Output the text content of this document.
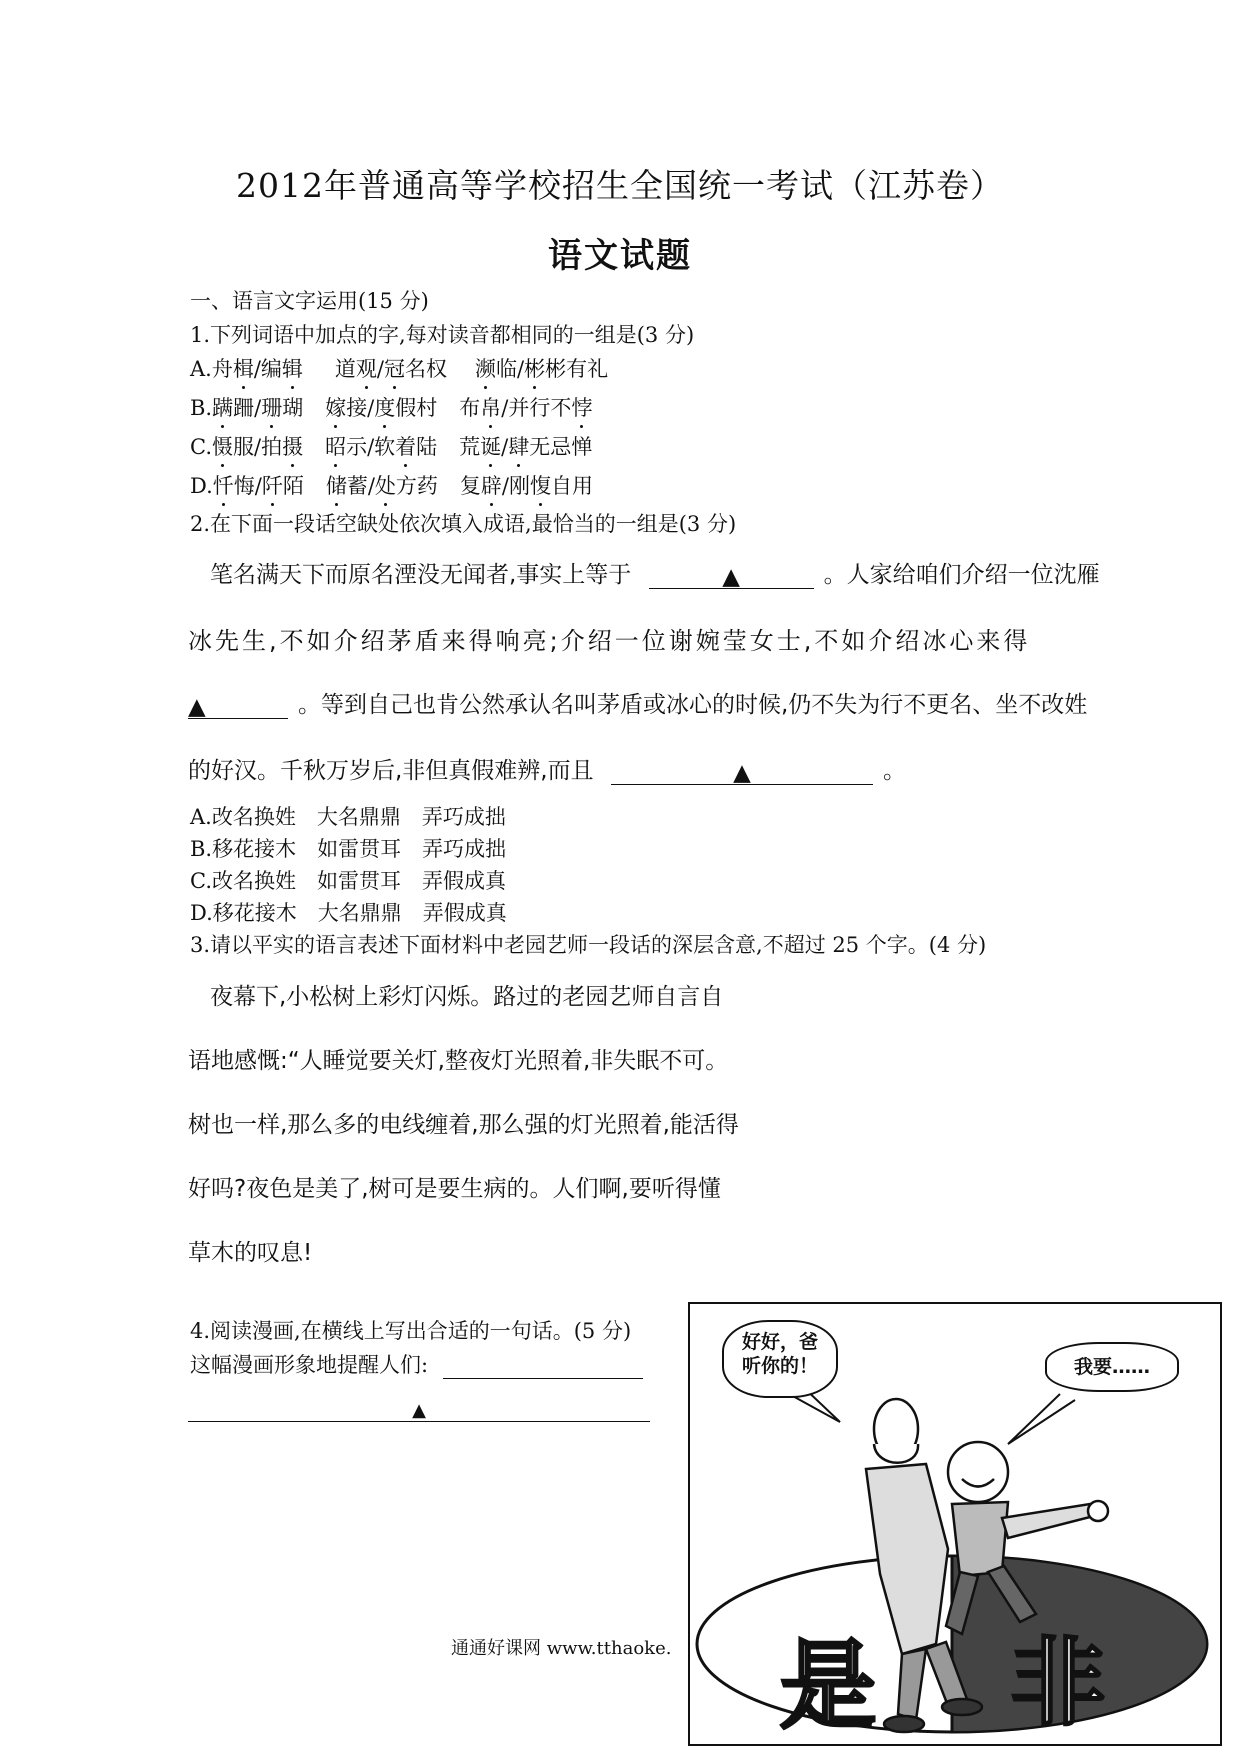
2012年普通高等学校招生全国统一考试（江苏卷）
语文试题
一、语言文字运用(15 分)
1.下列词语中加点的字,每对读音都相同的一组是(3 分)
A.舟楫/编辑 道观/冠名权 濒临/彬彬有礼
B.蹒跚/珊瑚 嫁接/度假村 布帛/并行不悖
C.慑服/拍摄 昭示/软着陆 荒诞/肆无忌惮
D.忏悔/阡陌 储蓄/处方药 复辟/刚愎自用
2.在下面一段话空缺处依次填入成语,最恰当的一组是(3 分)
笔名满天下而原名湮没无闻者,事实上等于	▲	。人家给咱们介绍一位沈雁
冰先生,不如介绍茅盾来得响亮;介绍一位谢婉莹女士,不如介绍冰心来得
▲	。等到自己也肯公然承认名叫茅盾或冰心的时候,仍不失为行不更名、坐不改姓
的好汉。千秋万岁后,非但真假难辨,而且	▲	。
A.改名换姓　大名鼎鼎　弄巧成拙
B.移花接木　如雷贯耳　弄巧成拙
C.改名换姓　如雷贯耳　弄假成真
D.移花接木　大名鼎鼎　弄假成真
3.请以平实的语言表述下面材料中老园艺师一段话的深层含意,不超过 25 个字。(4 分)
夜幕下,小松树上彩灯闪烁。路过的老园艺师自言自
语地感慨:“人睡觉要关灯,整夜灯光照着,非失眠不可。
树也一样,那么多的电线缠着,那么强的灯光照着,能活得
好吗?夜色是美了,树可是要生病的。人们啊,要听得懂
草木的叹息!
4.阅读漫画,在横线上写出合适的一句话。(5 分)
这幅漫画形象地提醒人们:
▲
是 非
好好，爸
听你的！	我要……
通通好课网 www.tthaoke.
